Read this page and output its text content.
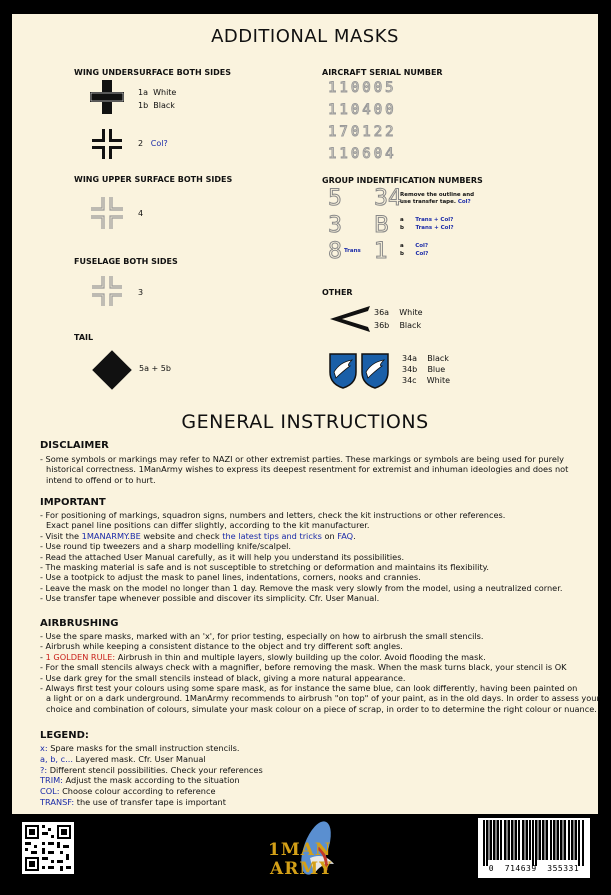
ADDITIONAL MASKS
WING UNDERSURFACE BOTH SIDES
1a White
1b Black
2 Col?
WING UPPER SURFACE BOTH SIDES
4
FUSELAGE BOTH SIDES
3
TAIL
5a + 5b
AIRCRAFT SERIAL NUMBER
110005
110400
170122
110604
GROUP INDENTIFICATION NUMBERS
5 34
Remove the outline and
use transfer tape. Col?
3 B a Trans + Col?
b Trans + Col?
8 Trans 1 a Col?
b Col?
OTHER
36a White
36b Black
34a Black
34b Blue
34c White
GENERAL INSTRUCTIONS
DISCLAIMER
- Some symbols or markings may refer to NAZI or other extremist parties. These markings or symbols are being used for purely
historical correctness. 1ManArmy wishes to express its deepest resentment for extremist and inhuman ideologies and does not
intend to offend or to hurt.
IMPORTANT
- For positioning of markings, squadron signs, numbers and letters, check the kit instructions or other references.
Exact panel line positions can differ slightly, according to the kit manufacturer.
- Visit the 1MANARMY.BE website and check the latest tips and tricks on FAQ.
- Use round tip tweezers and a sharp modelling knife/scalpel.
- Read the attached User Manual carefully, as it will help you understand its possibilities.
- The masking material is safe and is not susceptible to stretching or deformation and maintains its flexibility.
- Use a tootpick to adjust the mask to panel lines, indentations, corners, nooks and crannies.
- Leave the mask on the model no longer than 1 day. Remove the mask very slowly from the model, using a neutralized corner.
- Use transfer tape whenever possible and discover its simplicity. Cfr. User Manual.
AIRBRUSHING
- Use the spare masks, marked with an 'x', for prior testing, especially on how to airbrush the small stencils.
- Airbrush while keeping a consistent distance to the object and try different soft angles.
- 1 GOLDEN RULE: Airbrush in thin and multiple layers, slowly building up the color. Avoid flooding the mask.
- For the small stencils always check with a magnifier, before removing the mask. When the mask turns black, your stencil is OK
- Use dark grey for the small stencils instead of black, giving a more natural appearance.
- Always first test your colours using some spare mask, as for instance the same blue, can look differently, having been painted on
a light or on a dark underground. 1ManArmy recommends to airbrush "on top" of your paint, as in the old days. In order to assess your
choice and combination of colours, simulate your mask colour on a piece of scrap, in order to to determine the right colour or nuance.
LEGEND:
x: Spare masks for the small instruction stencils.
a, b, c... Layered mask. Cfr. User Manual
?: Different stencil possibilities. Check your references
TRIM: Adjust the mask according to the situation
COL: Choose colour according to reference
TRANSF: the use of transfer tape is important
1MAN
ARMY	0  714639  355331
